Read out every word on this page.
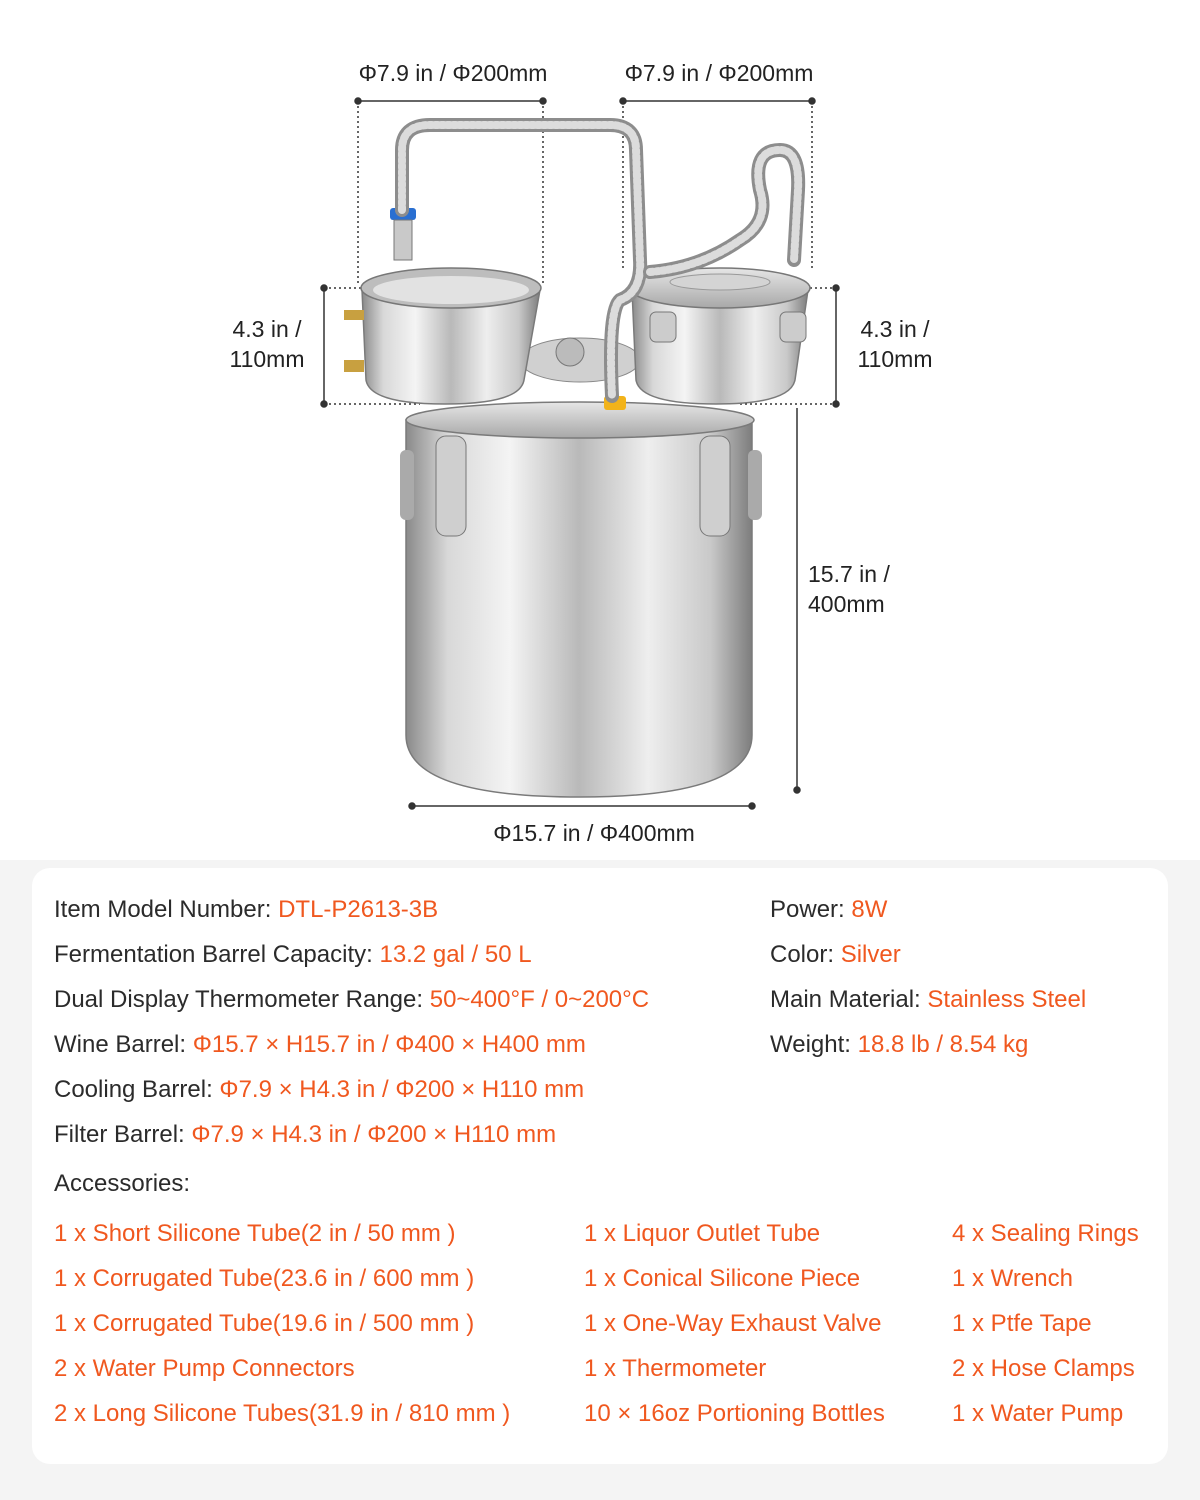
Φ7.9 in / Φ200mm	Φ7.9 in / Φ200mm
4.3 in /
110mm
4.3 in /
110mm
15.7 in /
400mm
Φ15.7 in / Φ400mm
Item Model Number: DTL-P2613-3B
Fermentation Barrel Capacity: 13.2 gal / 50 L
Dual Display Thermometer Range: 50~400°F / 0~200°C
Wine Barrel: Φ15.7 × H15.7 in / Φ400 × H400 mm
Cooling Barrel: Φ7.9 × H4.3 in / Φ200 × H110 mm
Filter Barrel: Φ7.9 × H4.3 in / Φ200 × H110 mm
Power: 8W
Color: Silver
Main Material: Stainless Steel
Weight: 18.8 lb / 8.54 kg
Accessories:
1 x Short Silicone Tube(2 in / 50 mm )
1 x Corrugated Tube(23.6 in / 600 mm )
1 x Corrugated Tube(19.6 in / 500 mm )
2 x Water Pump Connectors
2 x Long Silicone Tubes(31.9 in / 810 mm )
1 x Liquor Outlet Tube
1 x Conical Silicone Piece
1 x One-Way Exhaust Valve
1 x Thermometer
10 × 16oz Portioning Bottles
4 x Sealing Rings
1 x Wrench
1 x Ptfe Tape
2 x Hose Clamps
1 x Water Pump
